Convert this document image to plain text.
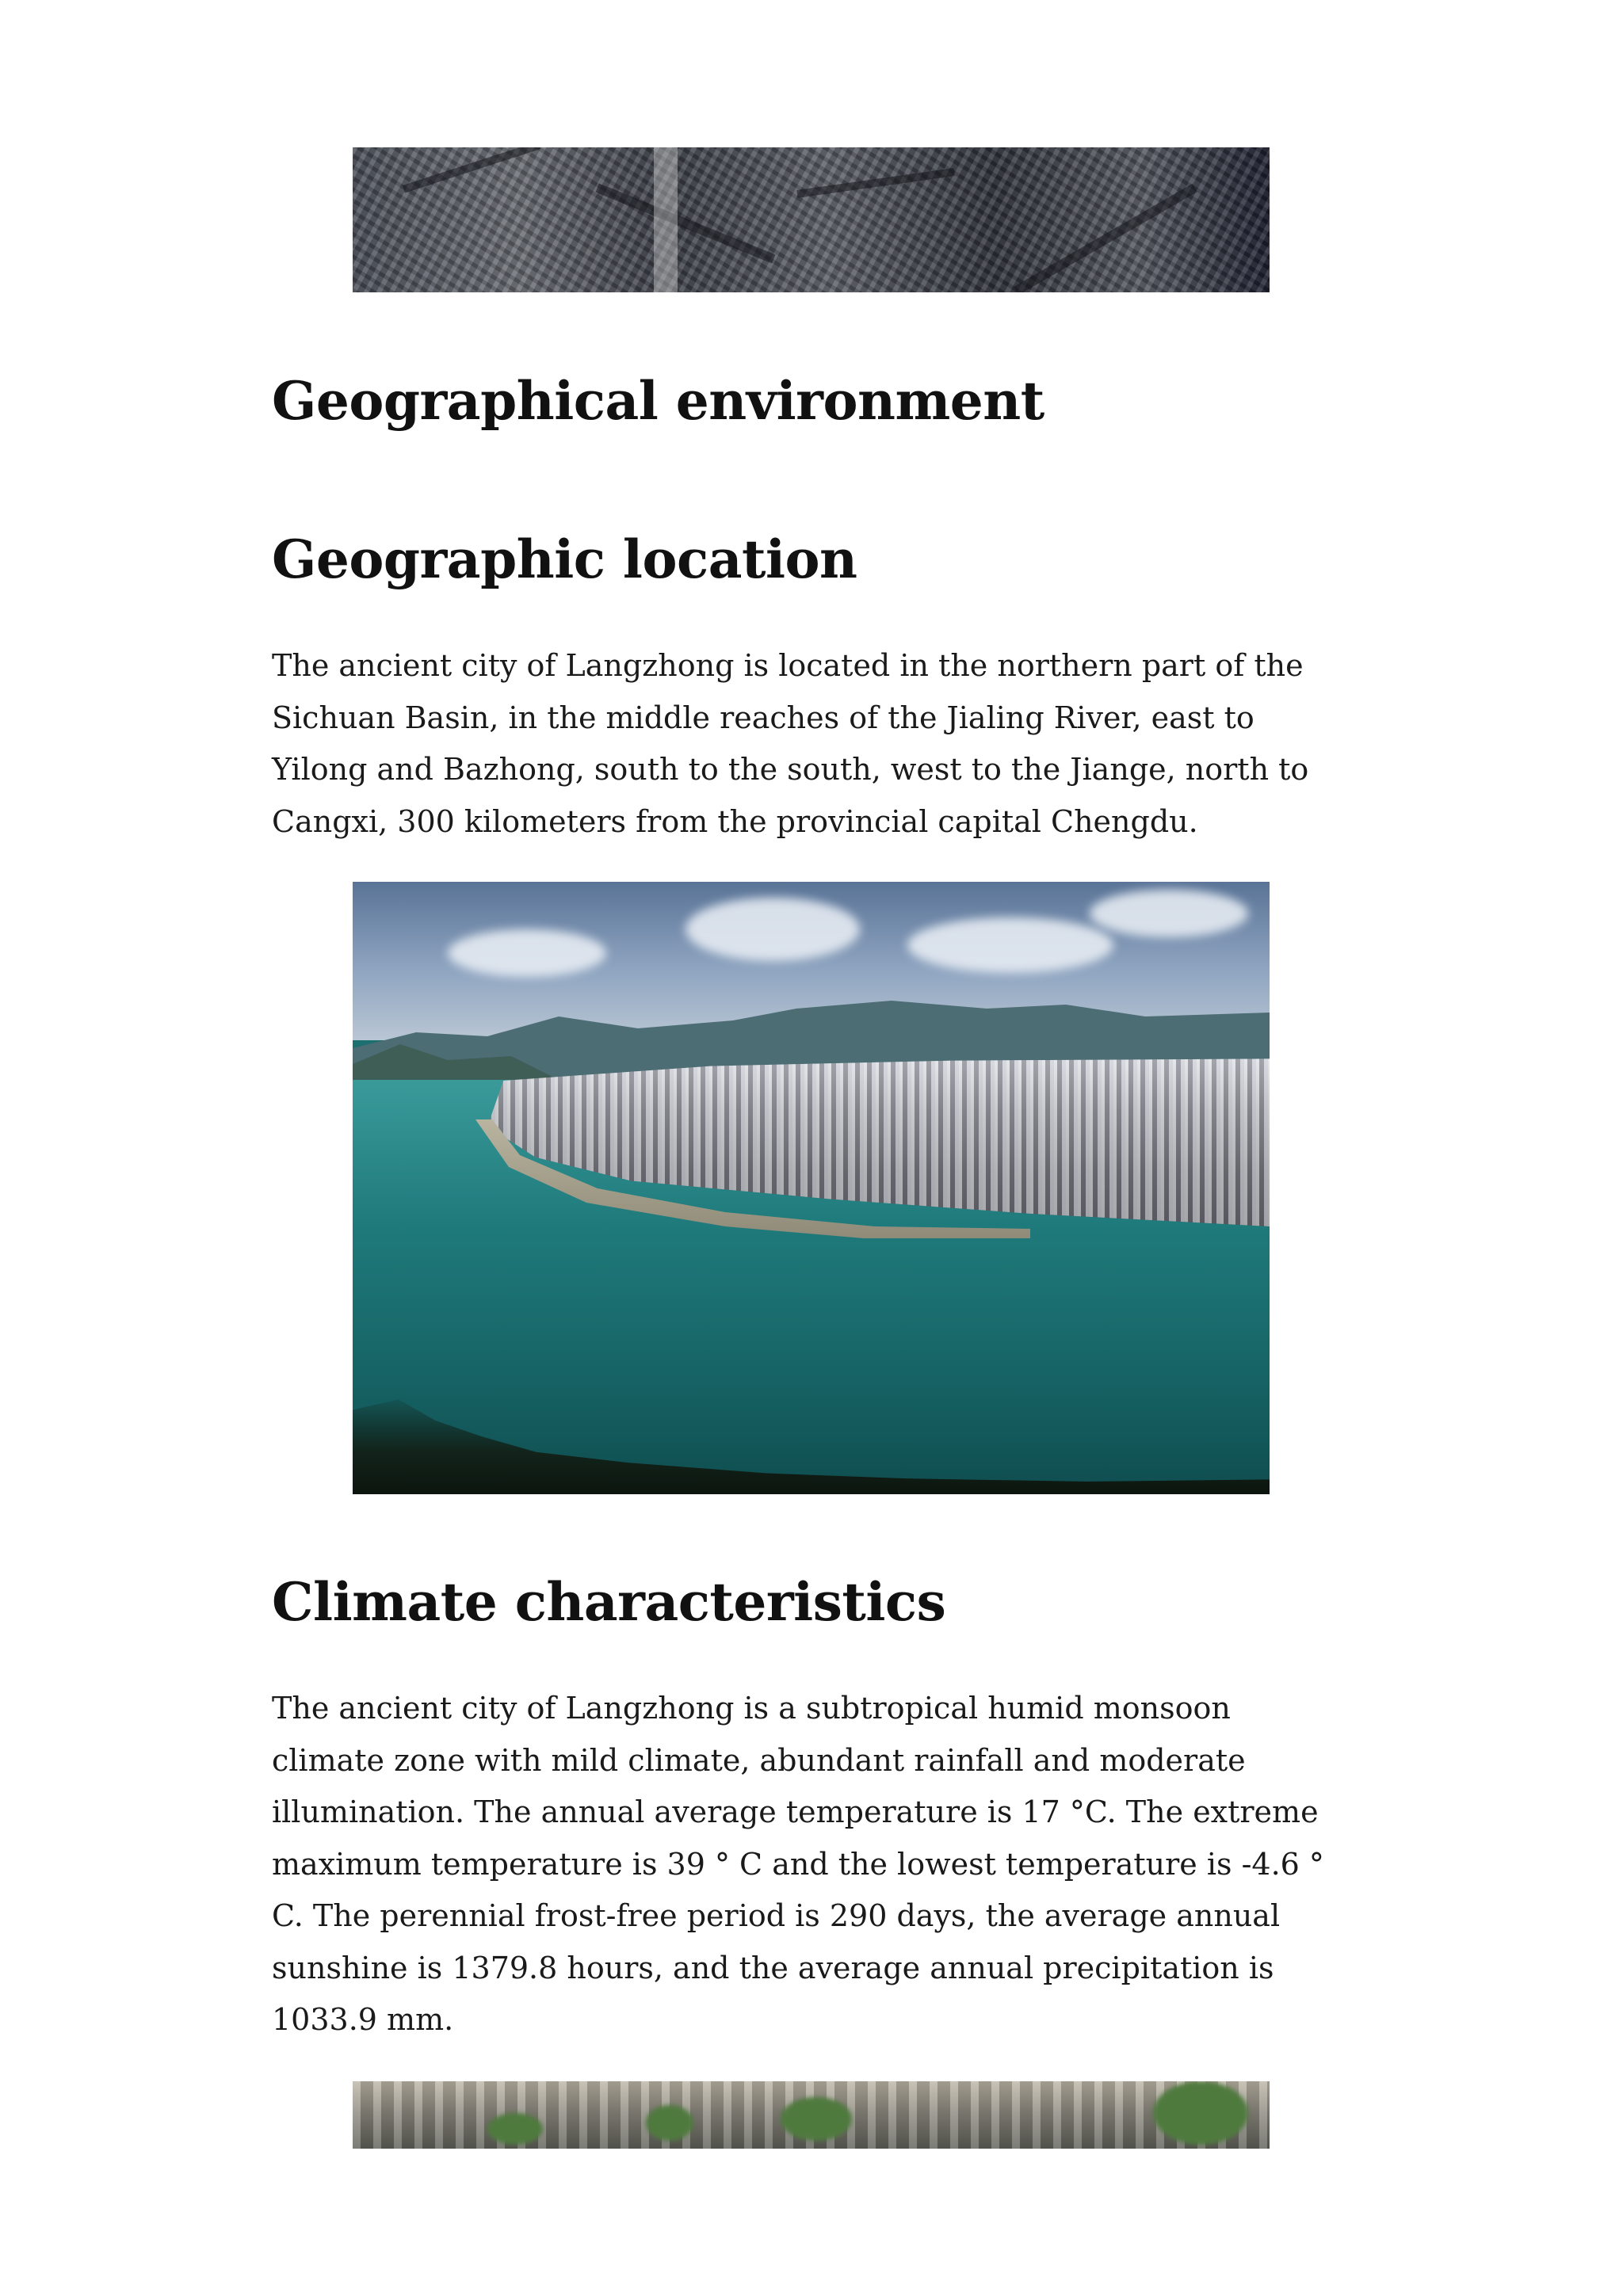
Geographical environment
Geographic location

The ancient city of Langzhong is located in the northern part of the Sichuan Basin, in the middle reaches of the Jialing River, east to Yilong and Bazhong, south to the south, west to the Jiange, north to Cangxi, 300 kilometers from the provincial capital Chengdu.

Climate characteristics

The ancient city of Langzhong is a subtropical humid monsoon climate zone with mild climate, abundant rainfall and moderate illumination. The annual average temperature is 17 °C. The extreme maximum temperature is 39 ° C and the lowest temperature is -4.6 ° C. The perennial frost-free period is 290 days, the average annual sunshine is 1379.8 hours, and the average annual precipitation is 1033.9 mm.
